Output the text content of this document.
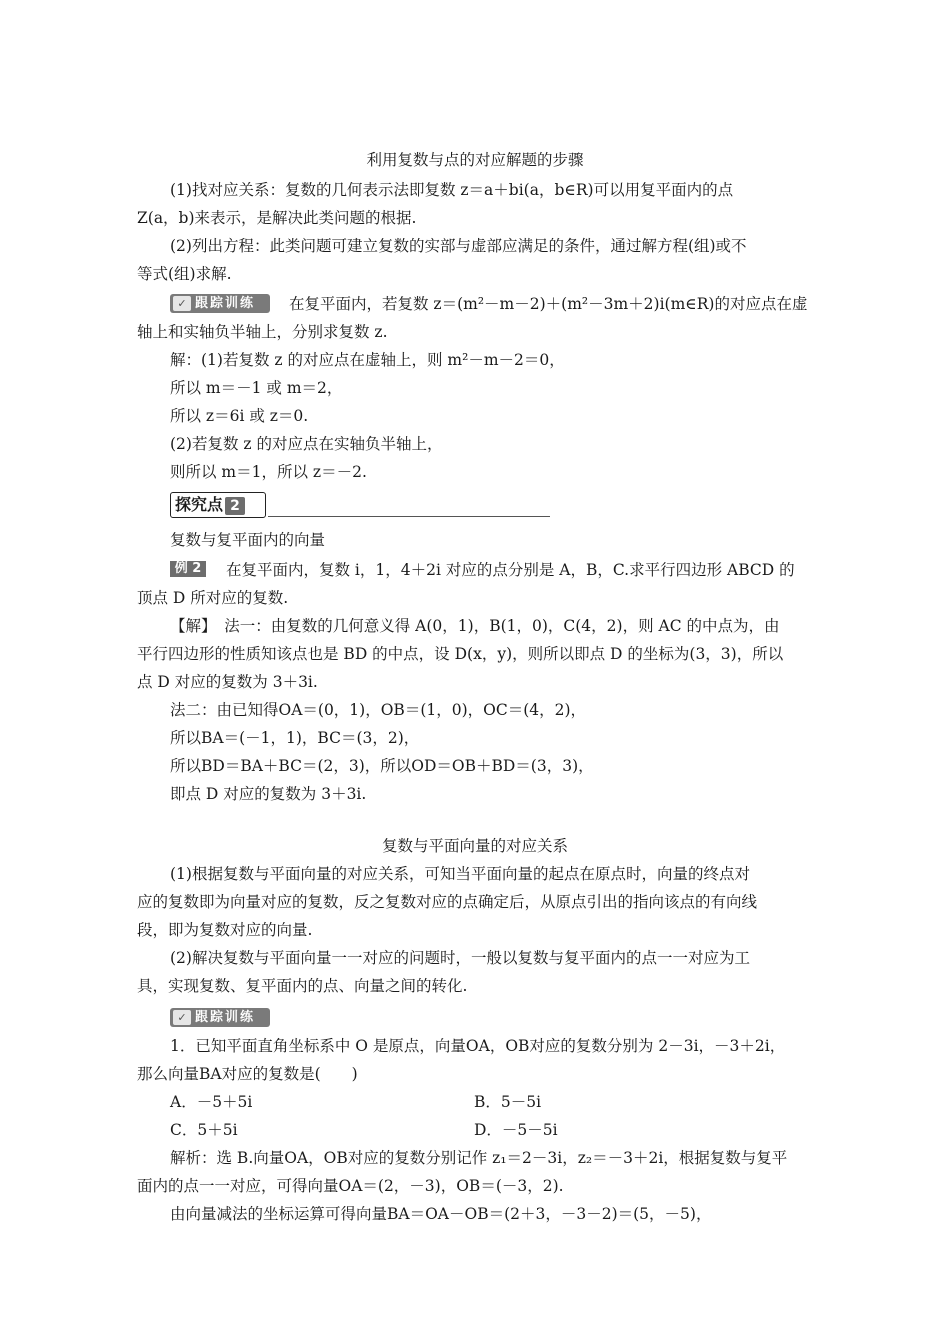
利用复数与点的对应解题的步骤
(1)找对应关系：复数的几何表示法即复数 z＝a＋bi(a，b∈R)可以用复平面内的点
Z(a，b)来表示，是解决此类问题的根据.
(2)列出方程：此类问题可建立复数的实部与虚部应满足的条件，通过解方程(组)或不
等式(组)求解.
✓ 跟踪训练	在复平面内，若复数 z＝(m²－m－2)＋(m²－3m＋2)i(m∈R)的对应点在虚
轴上和实轴负半轴上，分别求复数 z.
解：(1)若复数 z 的对应点在虚轴上，则 m²－m－2＝0，
所以 m＝－1 或 m＝2，
所以 z＝6i 或 z＝0.
(2)若复数 z 的对应点在实轴负半轴上，
则所以 m＝1，所以 z＝－2.
探究点 2
复数与复平面内的向量
例 2	在复平面内，复数 i，1，4＋2i 对应的点分别是 A，B，C.求平行四边形 ABCD 的
顶点 D 所对应的复数.
【解】　法一：由复数的几何意义得 A(0，1)，B(1，0)，C(4，2)，则 AC 的中点为，由
平行四边形的性质知该点也是 BD 的中点，设 D(x，y)，则所以即点 D 的坐标为(3，3)，所以
点 D 对应的复数为 3＋3i.
法二：由已知得OA＝(0，1)，OB＝(1，0)，OC＝(4，2)，
所以BA＝(－1，1)，BC＝(3，2)，
所以BD＝BA＋BC＝(2，3)，所以OD＝OB＋BD＝(3，3)，
即点 D 对应的复数为 3＋3i.
复数与平面向量的对应关系
(1)根据复数与平面向量的对应关系，可知当平面向量的起点在原点时，向量的终点对
应的复数即为向量对应的复数，反之复数对应的点确定后，从原点引出的指向该点的有向线
段，即为复数对应的向量.
(2)解决复数与平面向量一一对应的问题时，一般以复数与复平面内的点一一对应为工
具，实现复数、复平面内的点、向量之间的转化.
✓ 跟踪训练
1．已知平面直角坐标系中 O 是原点，向量OA，OB对应的复数分别为 2－3i，－3＋2i，
那么向量BA对应的复数是(　　)
A．－5＋5i	B．5－5i
C．5＋5i	D．－5－5i
解析：选 B.向量OA，OB对应的复数分别记作 z₁＝2－3i，z₂＝－3＋2i，根据复数与复平
面内的点一一对应，可得向量OA＝(2，－3)，OB＝(－3，2).
由向量减法的坐标运算可得向量BA＝OA－OB＝(2＋3，－3－2)＝(5，－5)，
